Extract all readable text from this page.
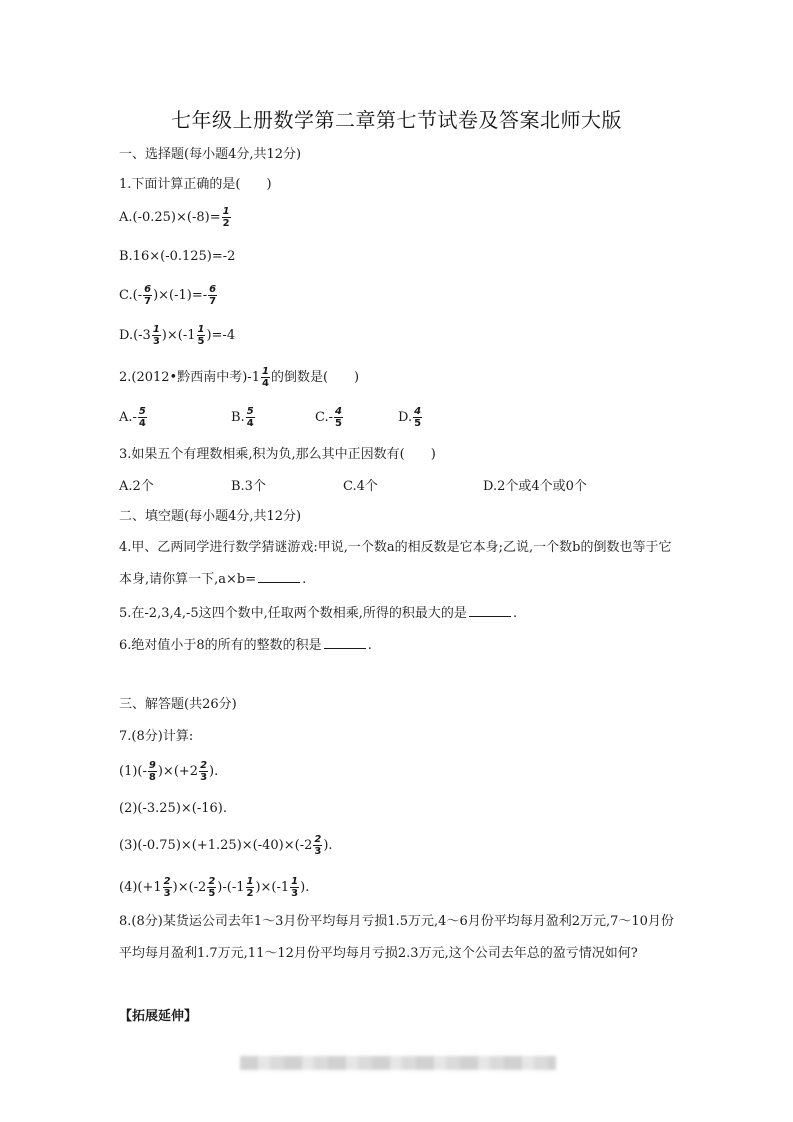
七年级上册数学第二章第七节试卷及答案北师大版
一、选择题(每小题4分,共12分)
1.下面计算正确的是(　　)
$A.(-0.25)\times(-8)= \frac{1}{2}$
B.16×(-0.125)=-2
$C.(- \frac{6}{7} )\times(-1)=- \frac{6}{7}$
$D.(-3 \frac{1}{3} )\times(-1 \frac{1}{5} )=-4$
2.(2012•黔西南中考)$-1 \frac{1}{4}$ 的倒数是(　　)
$A.- \frac{5}{4}$	B. $\frac{5}{4}$	$C.- \frac{4}{5}$	D. $\frac{4}{5}$
3.如果五个有理数相乘,积为负,那么其中正因数有(　　)
A.2个	B.3个	C.4个	D.2个或4个或0个
二、填空题(每小题4分,共12分)
4.甲、乙两同学进行数学猜谜游戏:甲说,一个数a的相反数是它本身;乙说,一个数b的倒数也等于它本身,请你算一下,a×b=	.
5.在-2,3,4,-5这四个数中,任取两个数相乘,所得的积最大的是	.
6.绝对值小于8的所有的整数的积是	.
三、解答题(共26分)
7.(8分)计算:
$(1)(- \frac{9}{8} )\times(+2 \frac{2}{3}$ ).
(2)(-3.25)×(-16).
$(3)(-0.75)\times(+1.25)\times(-40)\times(-2 \frac{2}{3}$ ).
$(4)(+1 \frac{2}{3} )\times(-2 \frac{2}{5} )-(-1 \frac{1}{2} )\times(-1 \frac{1}{3}$ ).
8.(8分)某货运公司去年1～3月份平均每月亏损1.5万元,4～6月份平均每月盈利2万元,7～10月份平均每月盈利1.7万元,11～12月份平均每月亏损2.3万元,这个公司去年总的盈亏情况如何?
【拓展延伸】
